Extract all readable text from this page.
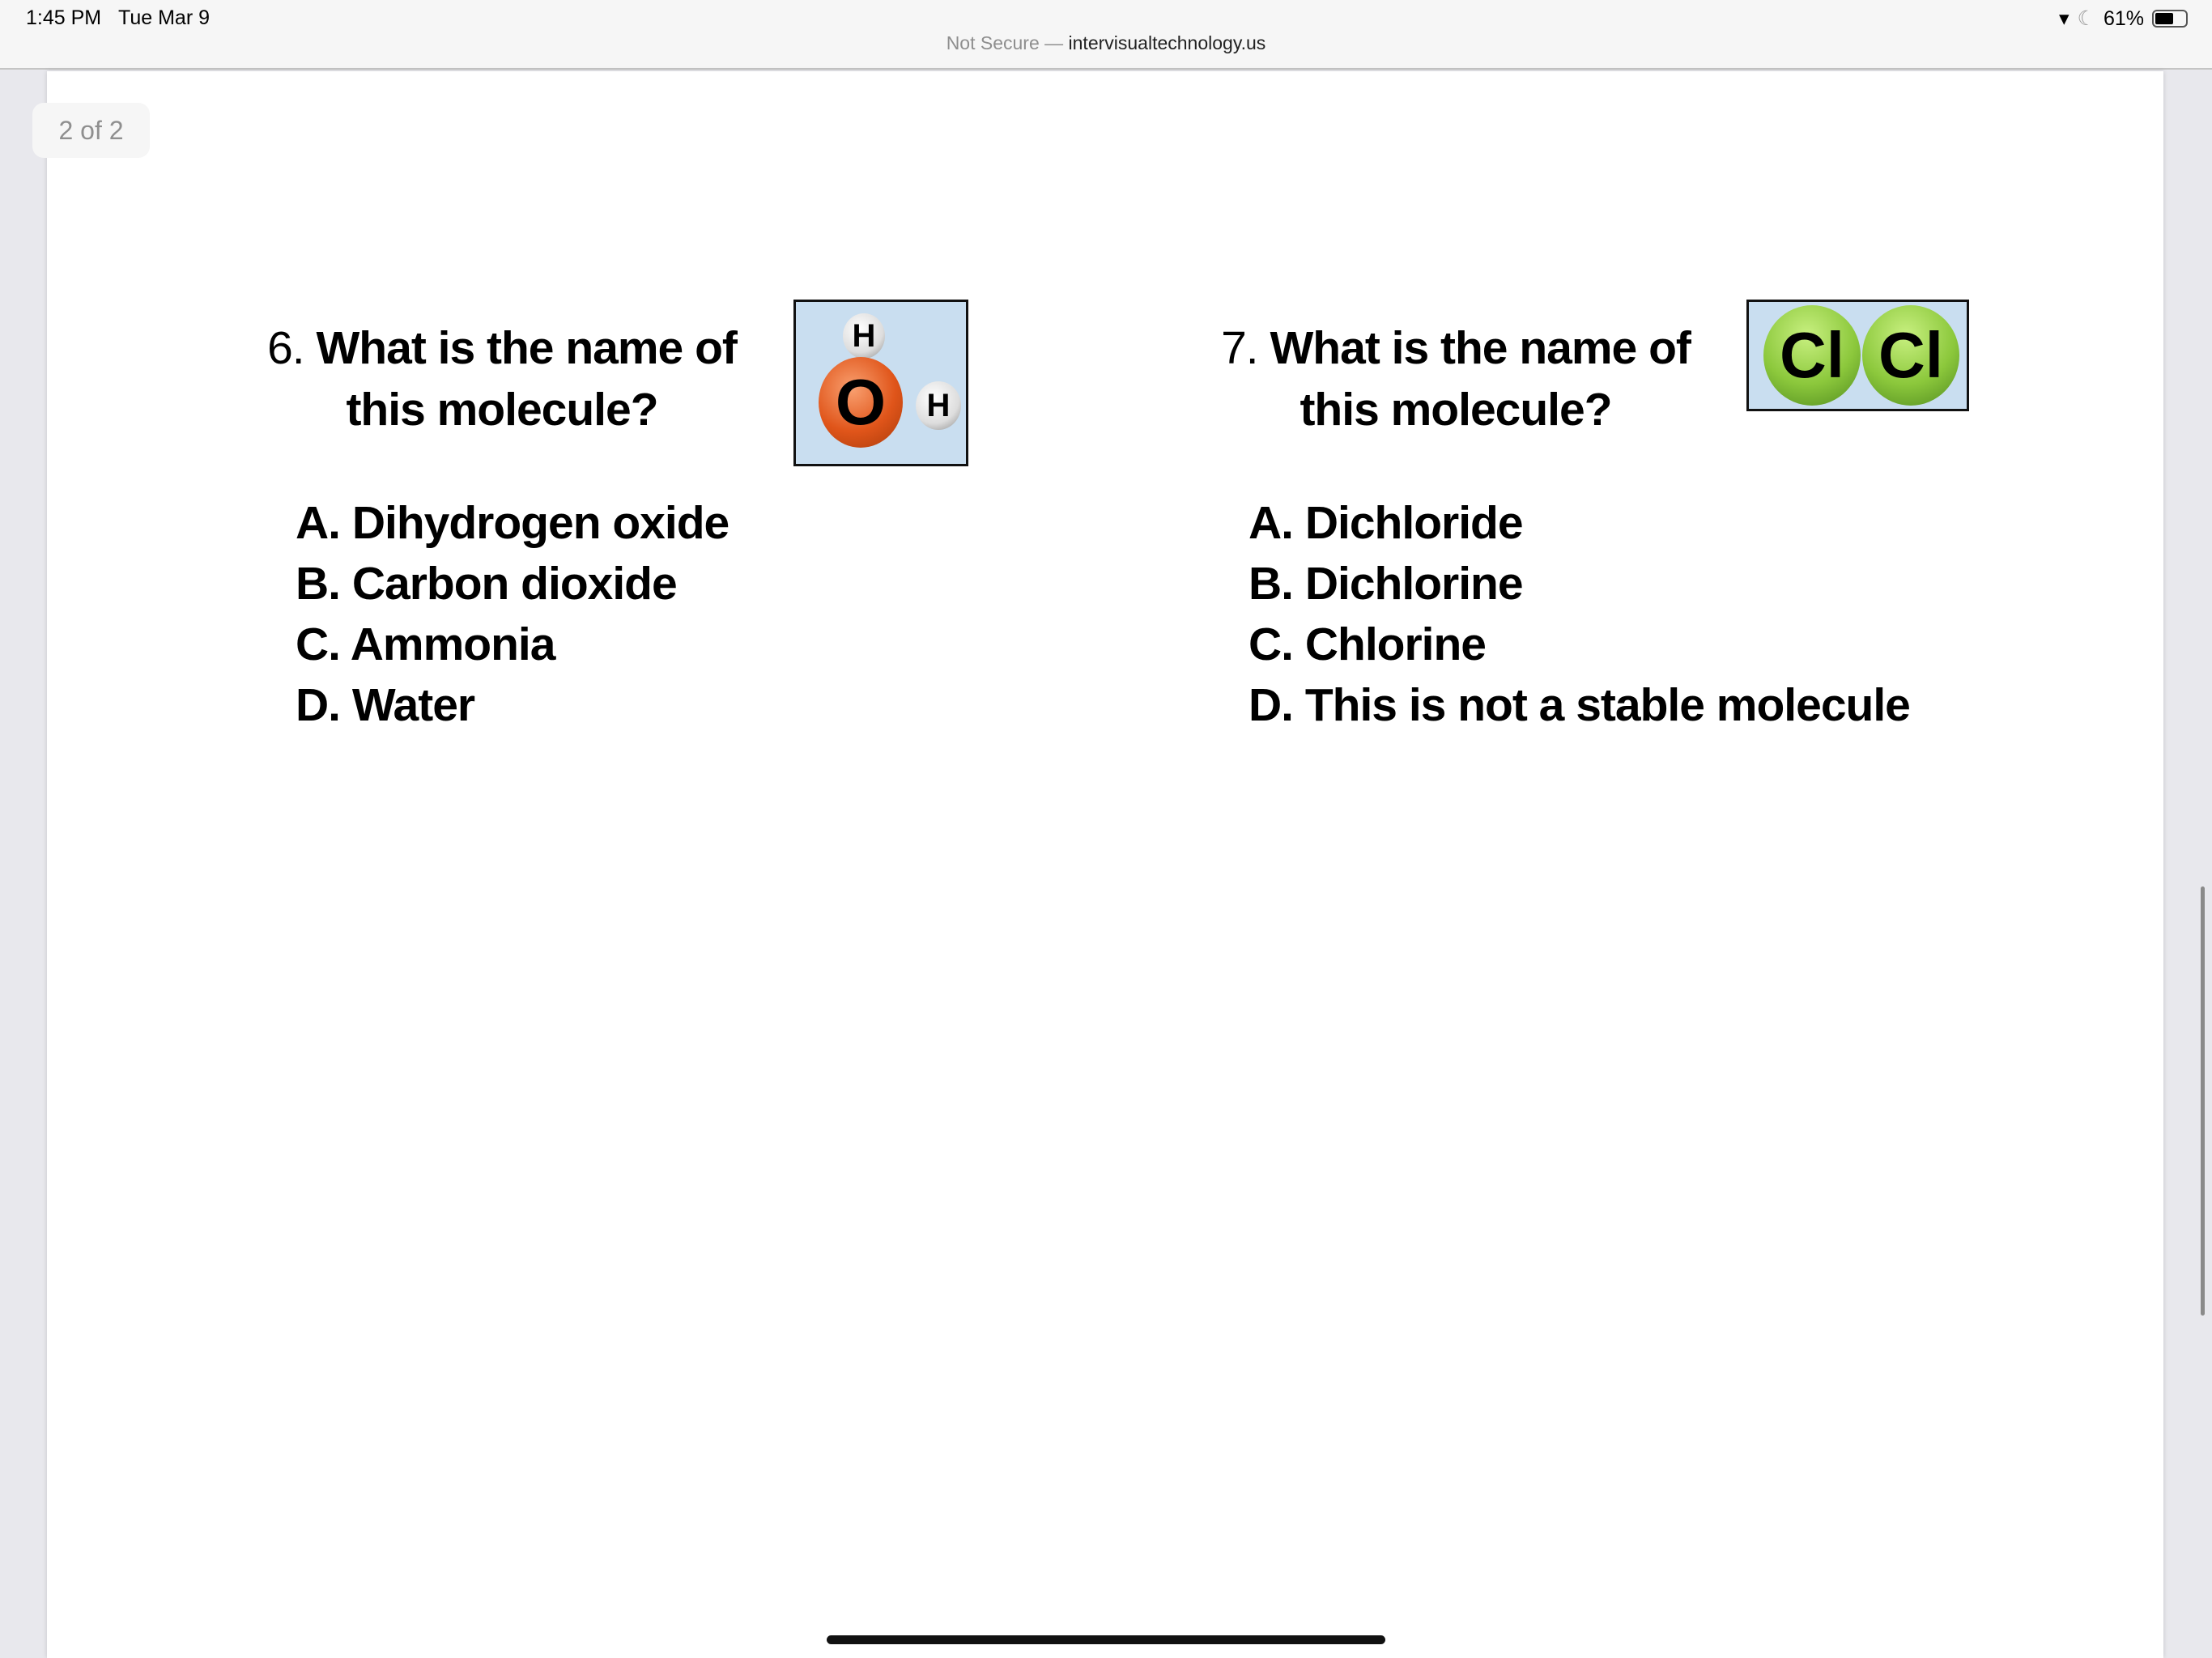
1:45 PM Tue Mar 9
Not Secure — intervisualtechnology.us
▾ ☾ 61%
2 of 2
6. What is the name of
this molecule?
H
O	H
A. Dihydrogen oxide
B. Carbon dioxide
C. Ammonia
D. Water
7. What is the name of
this molecule?
Cl Cl
A. Dichloride
B. Dichlorine
C. Chlorine
D. This is not a stable molecule
